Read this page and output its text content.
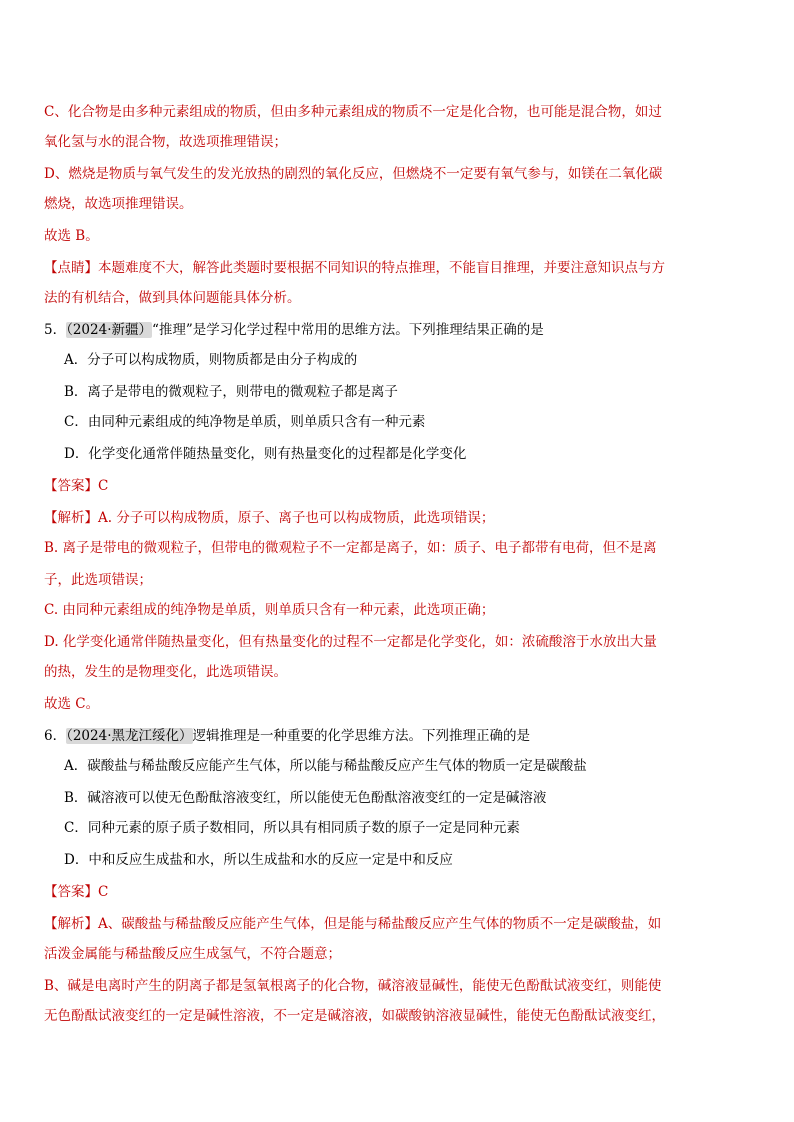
C、化合物是由多种元素组成的物质，但由多种元素组成的物质不一定是化合物，也可能是混合物，如过
氧化氢与水的混合物，故选项推理错误；
D、燃烧是物质与氧气发生的发光放热的剧烈的氧化反应，但燃烧不一定要有氧气参与，如镁在二氧化碳
燃烧，故选项推理错误。
故选 B。
【点睛】本题难度不大，解答此类题时要根据不同知识的特点推理，不能盲目推理，并要注意知识点与方
法的有机结合，做到具体问题能具体分析。
5．（2024·新疆）“推理”是学习化学过程中常用的思维方法。下列推理结果正确的是
A．分子可以构成物质，则物质都是由分子构成的
B．离子是带电的微观粒子，则带电的微观粒子都是离子
C．由同种元素组成的纯净物是单质，则单质只含有一种元素
D．化学变化通常伴随热量变化，则有热量变化的过程都是化学变化
【答案】C
【解析】A. 分子可以构成物质，原子、离子也可以构成物质，此选项错误；
B. 离子是带电的微观粒子，但带电的微观粒子不一定都是离子，如：质子、电子都带有电荷，但不是离
子，此选项错误；
C. 由同种元素组成的纯净物是单质，则单质只含有一种元素，此选项正确；
D. 化学变化通常伴随热量变化，但有热量变化的过程不一定都是化学变化，如：浓硫酸溶于水放出大量
的热，发生的是物理变化，此选项错误。
故选 C。
6．（2024·黑龙江绥化）逻辑推理是一种重要的化学思维方法。下列推理正确的是
A．碳酸盐与稀盐酸反应能产生气体，所以能与稀盐酸反应产生气体的物质一定是碳酸盐
B．碱溶液可以使无色酚酞溶液变红，所以能使无色酚酞溶液变红的一定是碱溶液
C．同种元素的原子质子数相同，所以具有相同质子数的原子一定是同种元素
D．中和反应生成盐和水，所以生成盐和水的反应一定是中和反应
【答案】C
【解析】A、碳酸盐与稀盐酸反应能产生气体，但是能与稀盐酸反应产生气体的物质不一定是碳酸盐，如
活泼金属能与稀盐酸反应生成氢气，不符合题意；
B、碱是电离时产生的阴离子都是氢氧根离子的化合物，碱溶液显碱性，能使无色酚酞试液变红，则能使
无色酚酞试液变红的一定是碱性溶液，不一定是碱溶液，如碳酸钠溶液显碱性，能使无色酚酞试液变红，
